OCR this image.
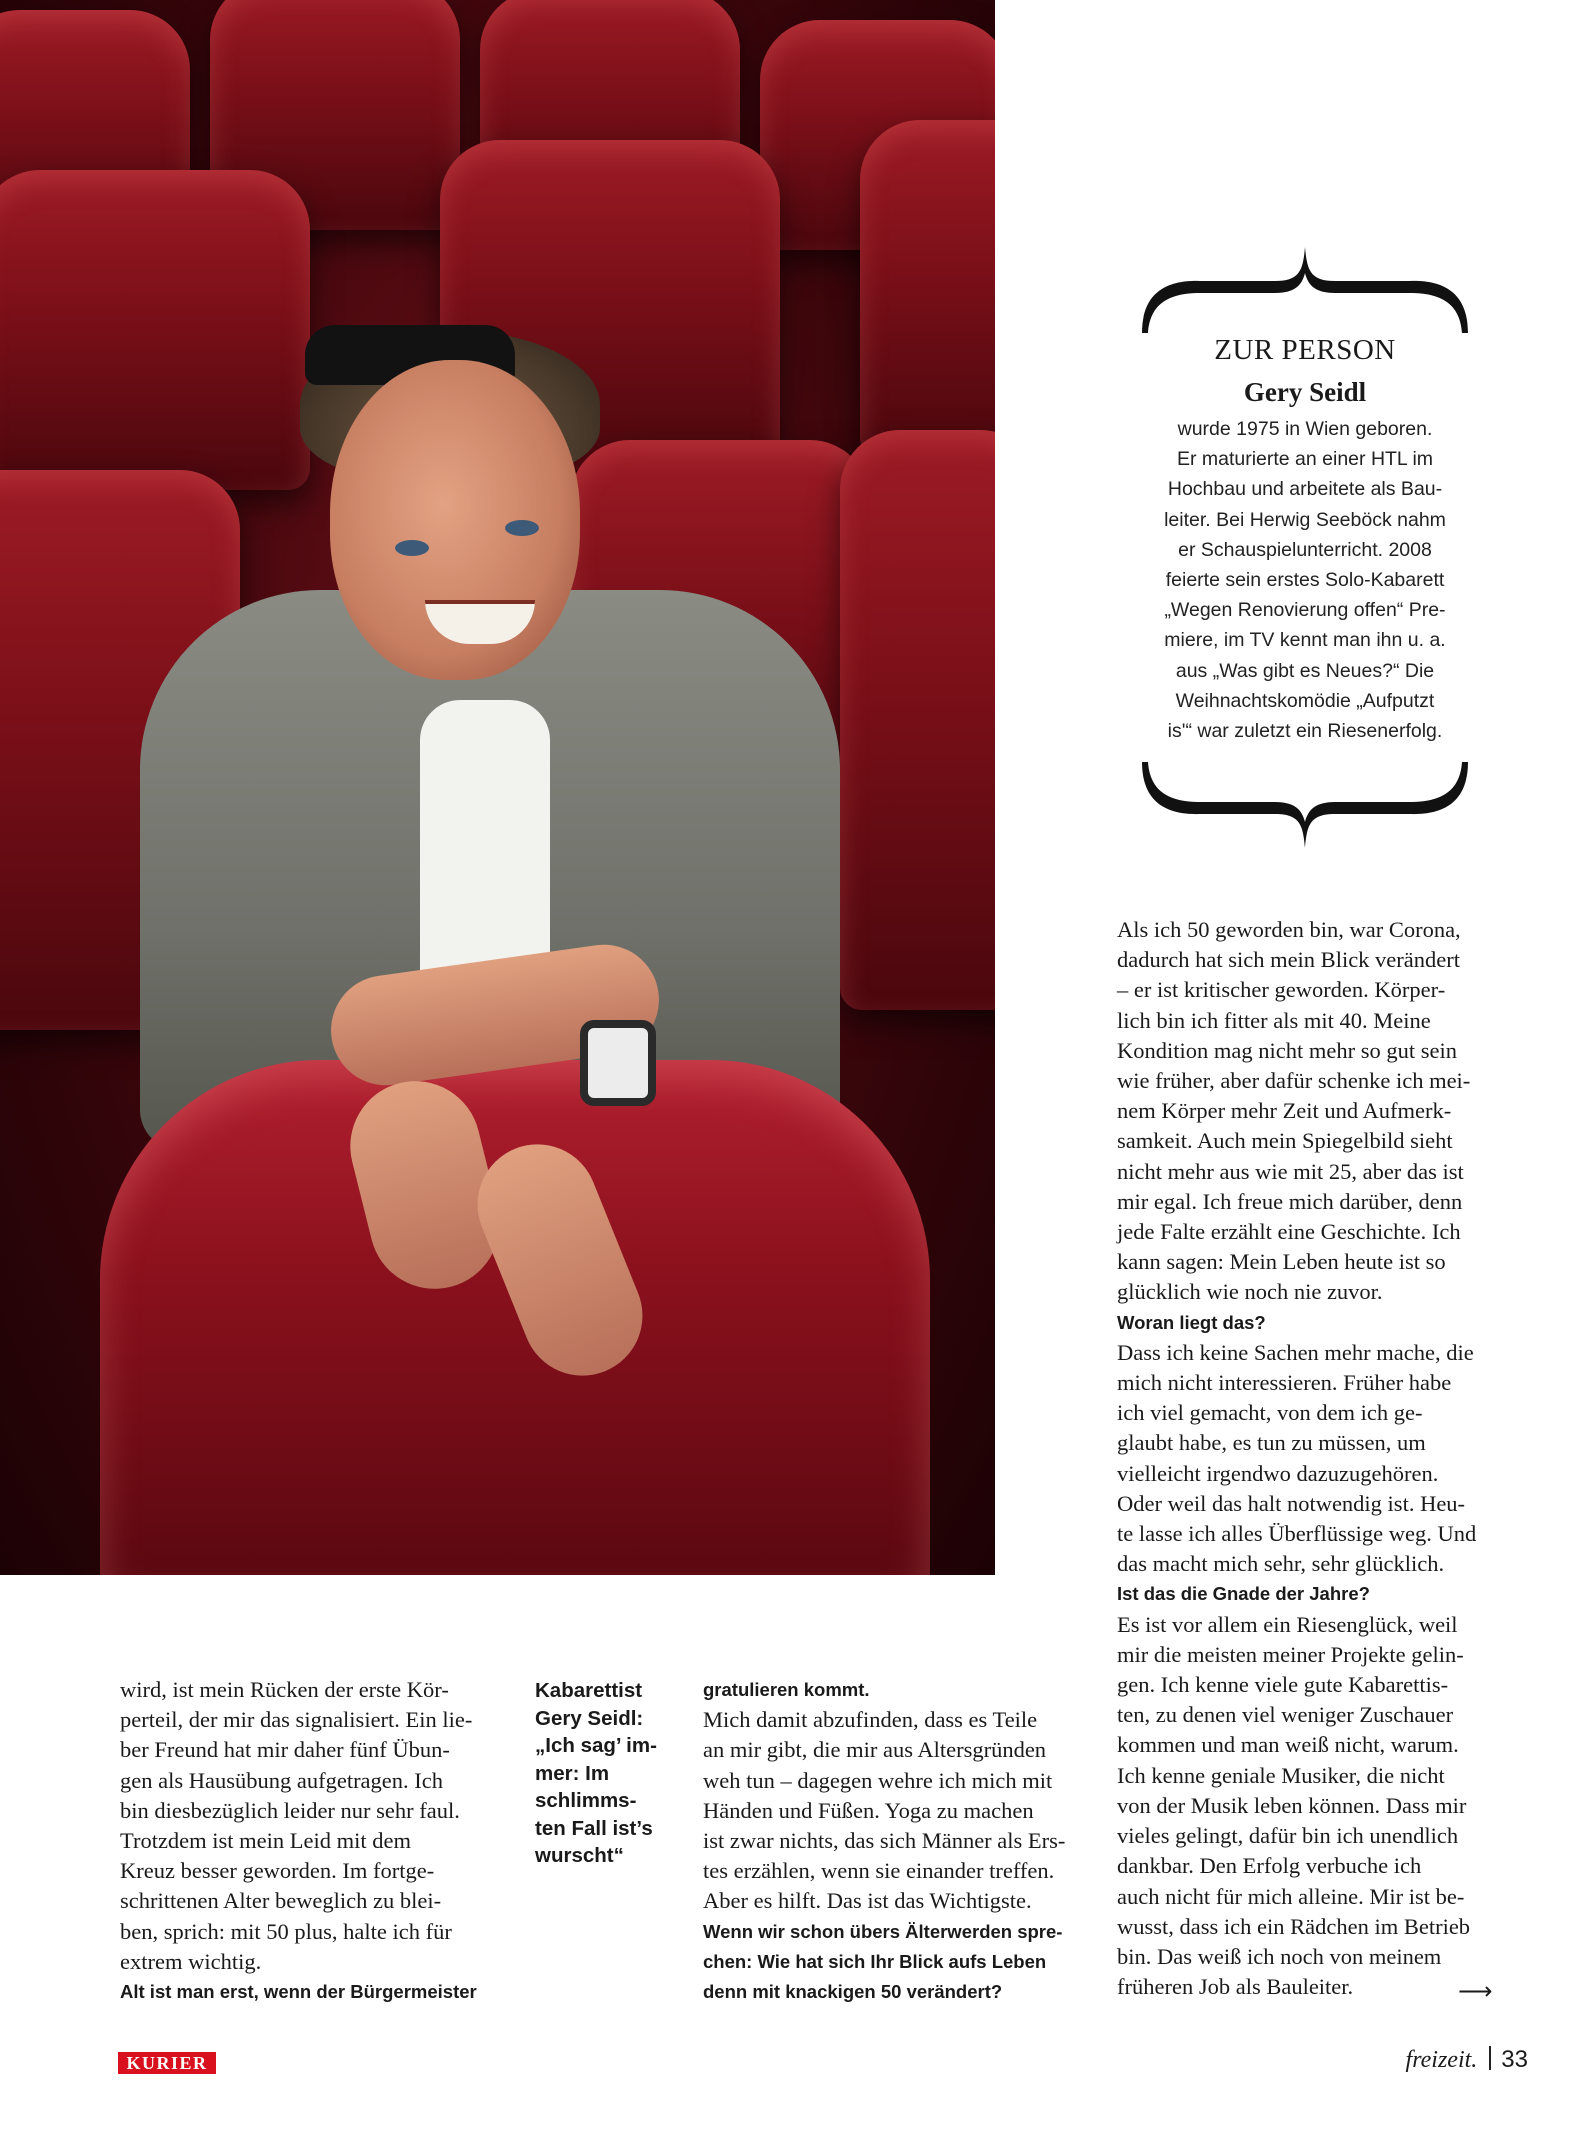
ZUR PERSON

Gery Seidl

wurde 1975 in Wien geboren.

Er maturierte an einer HTL im

Hochbau und arbeitete als Bau-

leiter. Bei Herwig Seeböck nahm

er Schauspielunterricht. 2008

feierte sein erstes Solo-Kabarett

„Wegen Renovierung offen“ Pre-

miere, im TV kennt man ihn u. a.

aus „Was gibt es Neues?“ Die

Weihnachtskomödie „Aufputzt

is'“ war zuletzt ein Riesenerfolg.

Als ich 50 geworden bin, war Corona,

dadurch hat sich mein Blick verändert

– er ist kritischer geworden. Körper-

lich bin ich fitter als mit 40. Meine

Kondition mag nicht mehr so gut sein

wie früher, aber dafür schenke ich mei-

nem Körper mehr Zeit und Aufmerk-

samkeit. Auch mein Spiegelbild sieht

nicht mehr aus wie mit 25, aber das ist

mir egal. Ich freue mich darüber, denn

jede Falte erzählt eine Geschichte. Ich

kann sagen: Mein Leben heute ist so

glücklich wie noch nie zuvor.

Woran liegt das?

Dass ich keine Sachen mehr mache, die

mich nicht interessieren. Früher habe

ich viel gemacht, von dem ich ge-

glaubt habe, es tun zu müssen, um

vielleicht irgendwo dazuzugehören.

Oder weil das halt notwendig ist. Heu-

te lasse ich alles Überflüssige weg. Und

das macht mich sehr, sehr glücklich.

Ist das die Gnade der Jahre?

Es ist vor allem ein Riesenglück, weil

mir die meisten meiner Projekte gelin-

gen. Ich kenne viele gute Kabarettis-

ten, zu denen viel weniger Zuschauer

kommen und man weiß nicht, warum.

Ich kenne geniale Musiker, die nicht

von der Musik leben können. Dass mir

vieles gelingt, dafür bin ich unendlich

dankbar. Den Erfolg verbuche ich

auch nicht für mich alleine. Mir ist be-

wusst, dass ich ein Rädchen im Betrieb

bin. Das weiß ich noch von meinem

früheren Job als Bauleiter.	⟶

wird, ist mein Rücken der erste Kör-

perteil, der mir das signalisiert. Ein lie-

ber Freund hat mir daher fünf Übun-

gen als Hausübung aufgetragen. Ich

bin diesbezüglich leider nur sehr faul.

Trotzdem ist mein Leid mit dem

Kreuz besser geworden. Im fortge-

schrittenen Alter beweglich zu blei-

ben, sprich: mit 50 plus, halte ich für

extrem wichtig.

Alt ist man erst, wenn der Bürgermeister

Kabarettist

Gery Seidl:

„Ich sag’ im-

mer: Im

schlimms-

ten Fall ist’s

wurscht“

gratulieren kommt.

Mich damit abzufinden, dass es Teile

an mir gibt, die mir aus Altersgründen

weh tun – dagegen wehre ich mich mit

Händen und Füßen. Yoga zu machen

ist zwar nichts, das sich Männer als Ers-

tes erzählen, wenn sie einander treffen.

Aber es hilft. Das ist das Wichtigste.

Wenn wir schon übers Älterwerden spre-

chen: Wie hat sich Ihr Blick aufs Leben

denn mit knackigen 50 verändert?

KURIER	freizeit. 33
